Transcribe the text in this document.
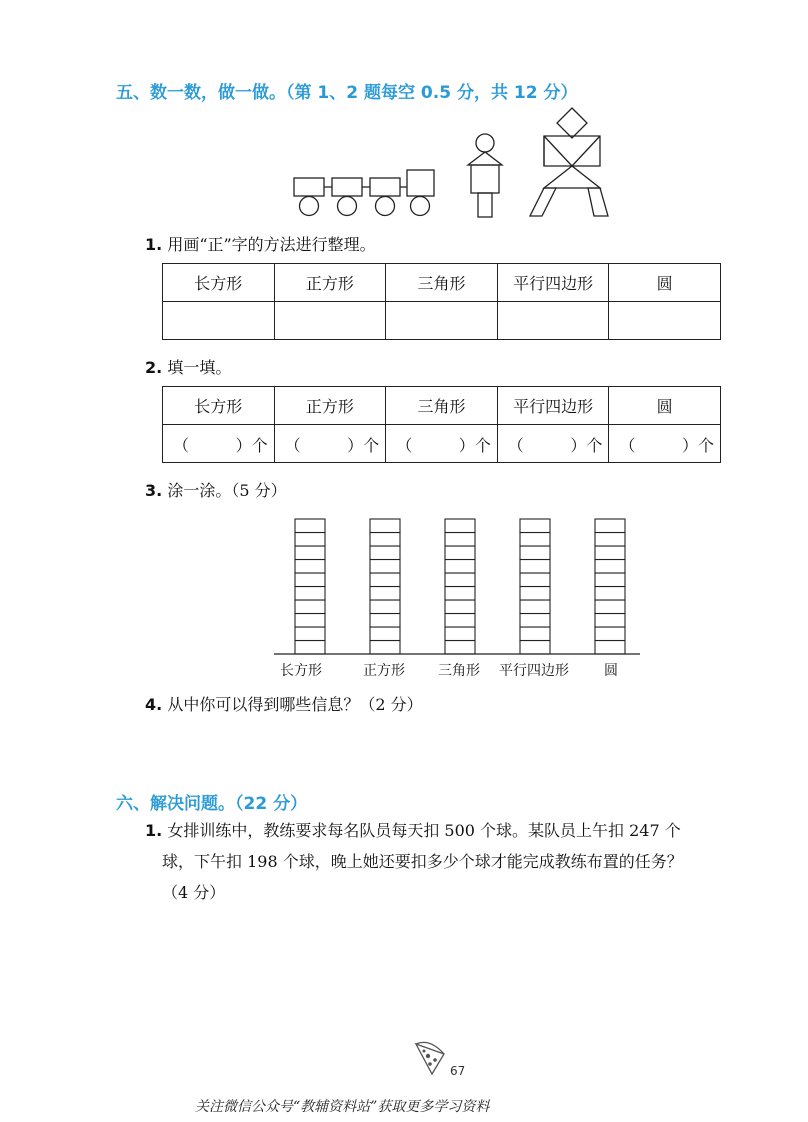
五、数一数，做一做。（第 1、2 题每空 0.5 分，共 12 分）
1. 用画“正”字的方法进行整理。
长方形	正方形	三角形	平行四边形	圆

2. 填一填。
长方形	正方形	三角形	平行四边形	圆

（ ）个	（ ）个	（ ）个	（ ）个	（ ）个
3. 涂一涂。（5 分）
长方形	正方形 三角形 平行四边形	圆
4. 从中你可以得到哪些信息？（2 分）
六、解决问题。（22 分）
1. 女排训练中，教练要求每名队员每天扣 500 个球。某队员上午扣 247 个
球，下午扣 198 个球，晚上她还要扣多少个球才能完成教练布置的任务？
（4 分）
67
关注微信公众号“教辅资料站”获取更多学习资料
